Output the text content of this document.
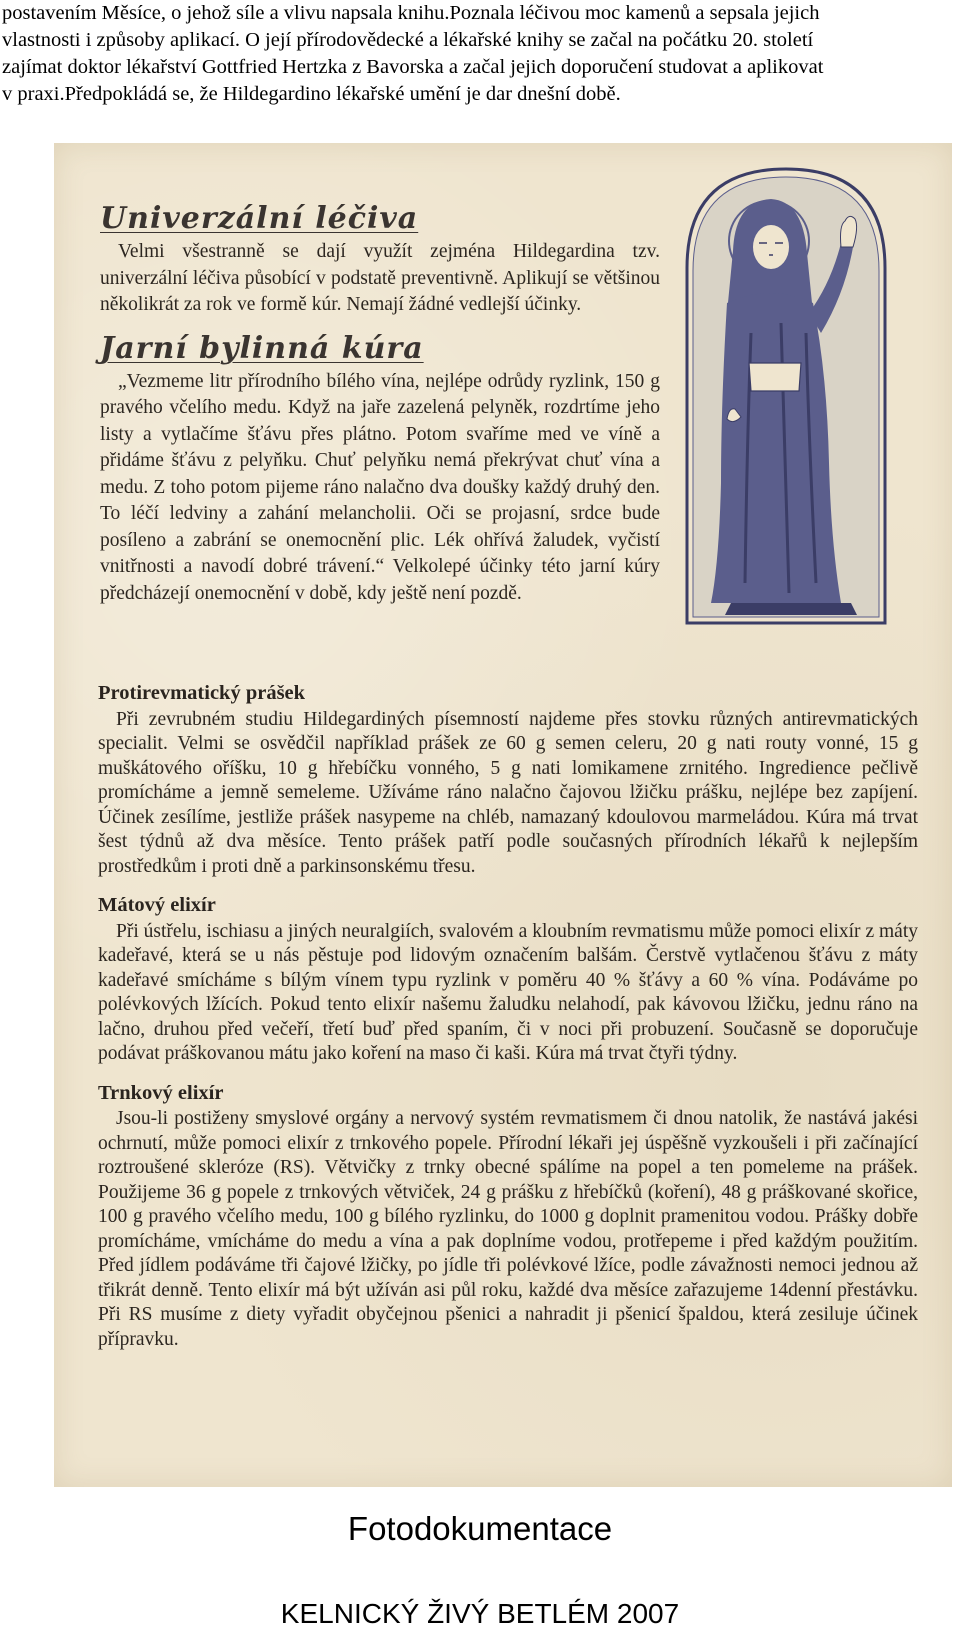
postavením Měsíce, o jehož síle a vlivu napsala knihu.Poznala léčivou moc kamenů a sepsala jejich

vlastnosti i způsoby aplikací. O její přírodovědecké a lékařské knihy se začal na počátku 20. století

zajímat doktor lékařství Gottfried Hertzka z Bavorska a začal jejich doporučení studovat a aplikovat

v praxi.Předpokládá se, že Hildegardino lékařské umění je dar dnešní době.

Univerzální léčiva

Velmi všestranně se dají využít zejména Hildegardina tzv. univerzální léčiva působící v podstatě preventivně. Aplikují se většinou několikrát za rok ve formě kúr. Nemají žádné vedlejší účinky.

Jarní bylinná kúra

„Vezmeme litr přírodního bílého vína, nejlépe odrůdy ryzlink, 150 g pravého včelího medu. Když na jaře zazelená pelyněk, rozdrtíme jeho listy a vytlačíme šťávu přes plátno. Potom svaříme med ve víně a přidáme šťávu z pelyňku. Chuť pelyňku nemá překrývat chuť vína a medu. Z toho potom pijeme ráno nalačno dva doušky každý druhý den. To léčí ledviny a zahání melancholii. Oči se projasní, srdce bude posíleno a zabrání se onemocnění plic. Lék ohřívá žaludek, vyčistí vnitřnosti a navodí dobré trávení.“ Velkolepé účinky této jarní kúry předcházejí onemocnění v době, kdy ještě není pozdě.

Protirevmatický prášek

Při zevrubném studiu Hildegardiných písemností najdeme přes stovku různých antirevmatických specialit. Velmi se osvědčil například prášek ze 60 g semen celeru, 20 g nati routy vonné, 15 g muškátového oříšku, 10 g hřebíčku vonného, 5 g nati lomikamene zrnitého. Ingredience pečlivě promícháme a jemně semeleme. Užíváme ráno nalačno čajovou lžičku prášku, nejlépe bez zapíjení. Účinek zesílíme, jestliže prášek nasypeme na chléb, namazaný kdoulovou marmeládou. Kúra má trvat šest týdnů až dva měsíce. Tento prášek patří podle současných přírodních lékařů k nejlepším prostředkům i proti dně a parkinsonskému třesu.

Mátový elixír

Při ústřelu, ischiasu a jiných neuralgiích, svalovém a kloubním revmatismu může pomoci elixír z máty kadeřavé, která se u nás pěstuje pod lidovým označením balšám. Čerstvě vytlačenou šťávu z máty kadeřavé smícháme s bílým vínem typu ryzlink v poměru 40 % šťávy a 60 % vína. Podáváme po polévkových lžících. Pokud tento elixír našemu žaludku nelahodí, pak kávovou lžičku, jednu ráno na lačno, druhou před večeří, třetí buď před spaním, či v noci při probuzení. Současně se doporučuje podávat práškovanou mátu jako koření na maso či kaši. Kúra má trvat čtyři týdny.

Trnkový elixír

Jsou-li postiženy smyslové orgány a nervový systém revmatismem či dnou natolik, že nastává jakési ochrnutí, může pomoci elixír z trnkového popele. Přírodní lékaři jej úspěšně vyzkoušeli i při začínající roztroušené skleróze (RS). Větvičky z trnky obecné spálíme na popel a ten pomeleme na prášek. Použijeme 36 g popele z trnkových větviček, 24 g prášku z hřebíčků (koření), 48 g práškované skořice, 100 g pravého včelího medu, 100 g bílého ryzlinku, do 1000 g doplnit pramenitou vodou. Prášky dobře promícháme, vmícháme do medu a vína a pak doplníme vodou, protřepeme i před každým použitím. Před jídlem podáváme tři čajové lžičky, po jídle tři polévkové lžíce, podle závažnosti nemoci jednou až třikrát denně. Tento elixír má být užíván asi půl roku, každé dva měsíce zařazujeme 14denní přestávku. Při RS musíme z diety vyřadit obyčejnou pšenici a nahradit ji pšenicí špaldou, která zesiluje účinek přípravku.

Fotodokumentace
KELNICKÝ ŽIVÝ BETLÉM 2007
